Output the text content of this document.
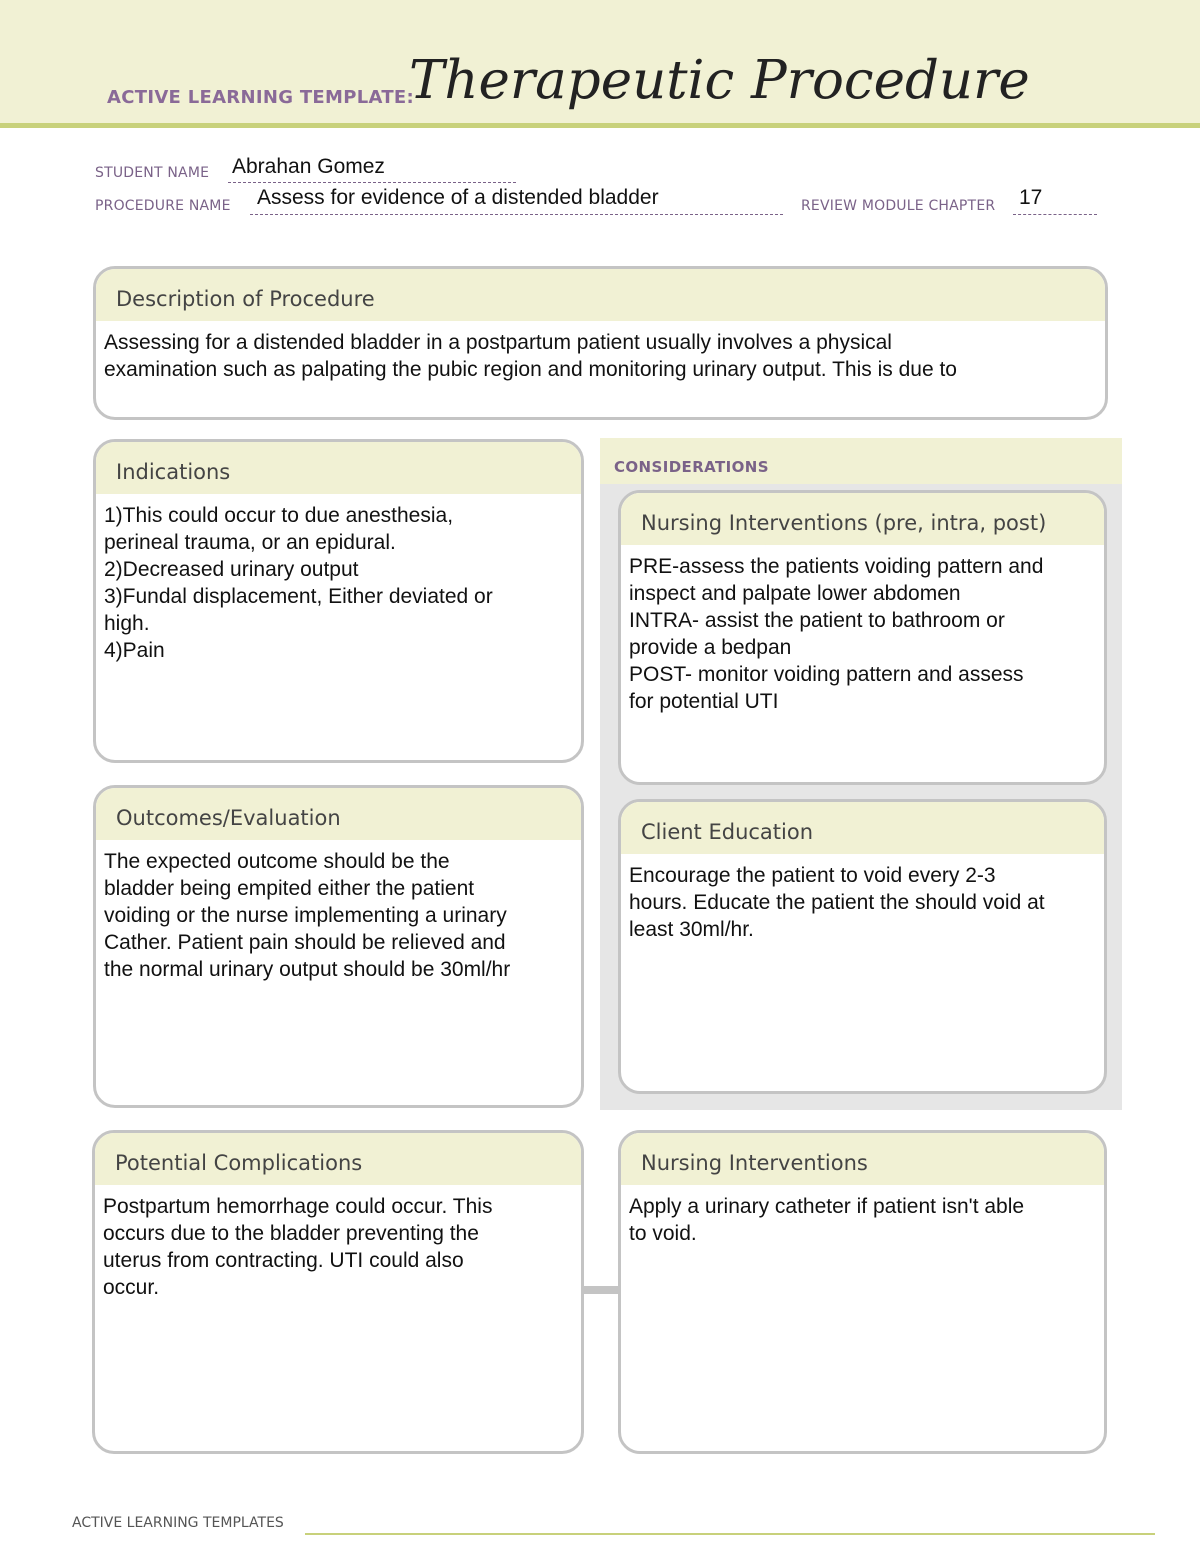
ACTIVE LEARNING TEMPLATE:
Therapeutic Procedure
STUDENT NAME Abrahan Gomez
PROCEDURE NAME Assess for evidence of a distended bladder	REVIEW MODULE CHAPTER 17
Description of Procedure
Assessing for a distended bladder in a postpartum patient usually involves a physical
examination such as palpating the pubic region and monitoring urinary output. This is due to
Indications
1)This could occur to due anesthesia,
perineal trauma, or an epidural.
2)Decreased urinary output
3)Fundal displacement, Either deviated or
high.
4)Pain
Outcomes/Evaluation
The expected outcome should be the
bladder being empited either the patient
voiding or the nurse implementing a urinary
Cather. Patient pain should be relieved and
the normal urinary output should be 30ml/hr
CONSIDERATIONS
Nursing Interventions (pre, intra, post)
PRE-assess the patients voiding pattern and
inspect and palpate lower abdomen
INTRA- assist the patient to bathroom or
provide a bedpan
POST- monitor voiding pattern and assess
for potential UTI
Client Education
Encourage the patient to void every 2-3
hours. Educate the patient the should void at
least 30ml/hr.
Potential Complications
Postpartum hemorrhage could occur. This
occurs due to the bladder preventing the
uterus from contracting. UTI could also
occur.
Nursing Interventions
Apply a urinary catheter if patient isn't able
to void.
ACTIVE LEARNING TEMPLATES
